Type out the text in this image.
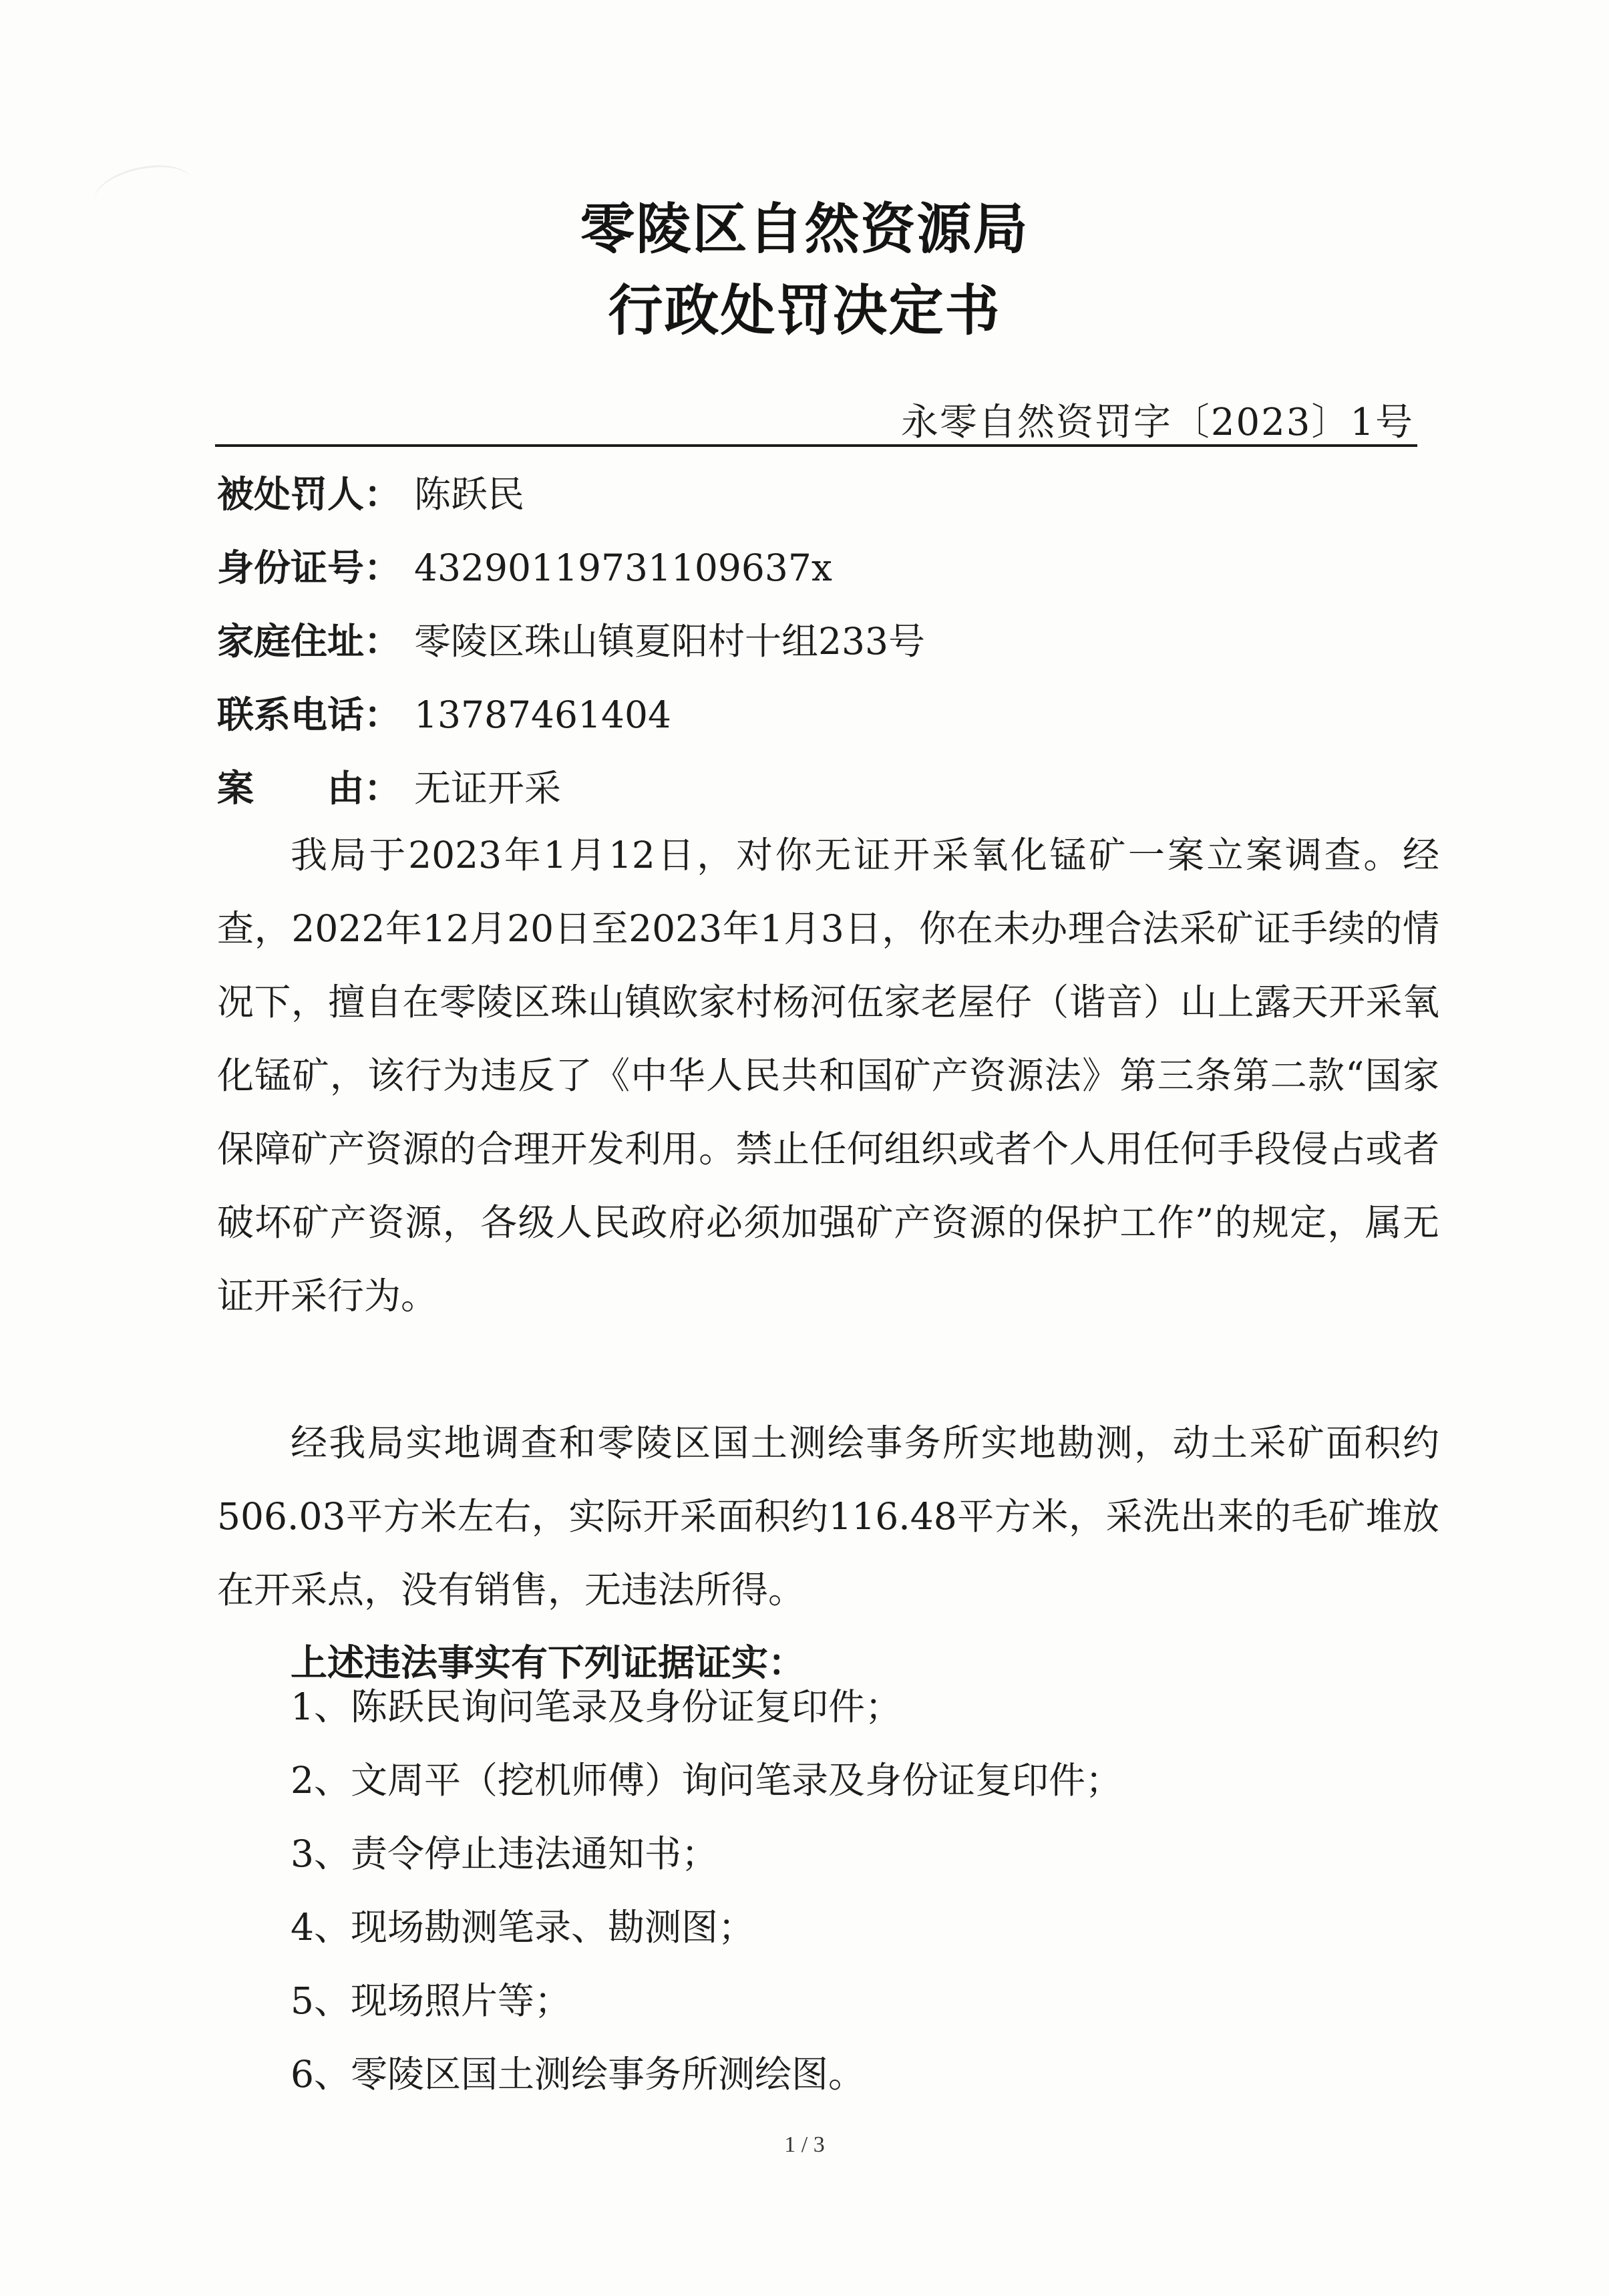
零陵区自然资源局
行政处罚决定书
永零自然资罚字〔2023〕1号
被处罚人： 陈跃民
身份证号： 43290119731109637x
家庭住址： 零陵区珠山镇夏阳村十组233号
联系电话： 13787461404
案　　由： 无证开采

我局于2023年1月12日，对你无证开采氧化锰矿一案立案调查。经查，2022年12月20日至2023年1月3日，你在未办理合法采矿证手续的情况下，擅自在零陵区珠山镇欧家村杨河伍家老屋仔（谐音）山上露天开采氧化锰矿，该行为违反了《中华人民共和国矿产资源法》第三条第二款“国家保障矿产资源的合理开发利用。禁止任何组织或者个人用任何手段侵占或者破坏矿产资源，各级人民政府必须加强矿产资源的保护工作”的规定，属无证开采行为。

经我局实地调查和零陵区国土测绘事务所实地勘测，动土采矿面积约506.03平方米左右，实际开采面积约116.48平方米，采洗出来的毛矿堆放在开采点，没有销售，无违法所得。

上述违法事实有下列证据证实：
1、陈跃民询问笔录及身份证复印件；
2、文周平（挖机师傅）询问笔录及身份证复印件；
3、责令停止违法通知书；
4、现场勘测笔录、勘测图；
5、现场照片等；
6、零陵区国土测绘事务所测绘图。
1 / 3
